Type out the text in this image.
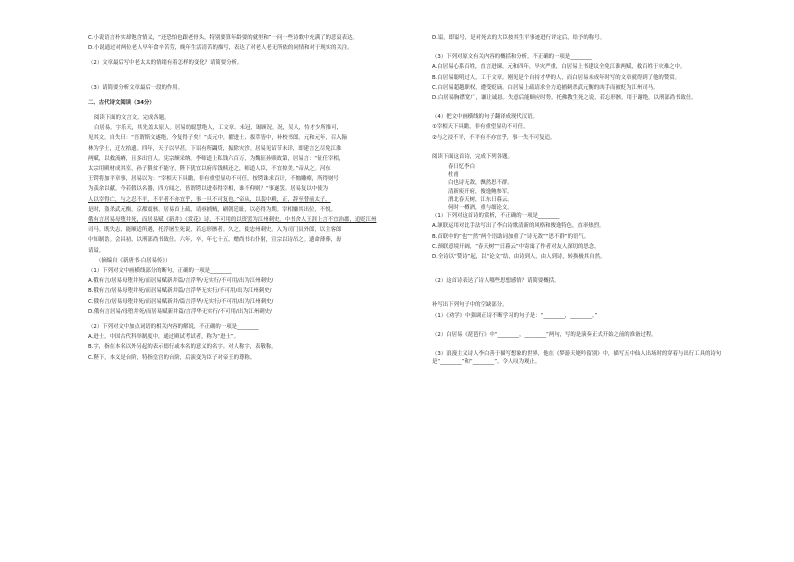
C.小说语言朴实却饱含情义，“还恐怕也跟老骨头，特别要算年龄要的就里和”一问一些诗歌中充满了的悲哀表达。
D.小说通过对两位老人早年食辛苦劳，晚年生活清苦的描写，表达了对老人老无所依的同情和对于现实的关注。
（2）文章最后写中老太太的情绪有着怎样的变化？请简要分析。
（3）请简要分析文章最后一段的作用。
二、古代诗文阅读（34分）
阅读下面的文言文，完成各题。
白居易，字乐天，其先盖太原人。居易幼聪慧绝人，工文章。未冠，谒顾况。况，吴人，恃才少所推可，
见其文，自失曰：“吾谓斯文遂绝，今复得子矣！”贞元中，擢进士、拔萃皆中，补校书郎。元和元年，召入翰
林为学士，迁左拾遗。四年，天子以旱甚，下诏有所蠲贷，振除灾沴。居易见诏节未详，即建言乞尽免江淮
两赋，以救流瘠，且多出宫人。宪宗颇采纳。李师道上私钱六百万，为魏征孙赎故第，居易言：“征任宰相，
太宗用殿材成其室，孙子猥贫不能守，陛下犹宜以府库钱赎还之，师道人臣，不宜掠美。”帝从之。河东
王锷将加平章事，居易以为：“宰相天下具瞻，非有重望显功不可任。按锷诛求百计，不恤雕瘵，所得财号
为羡余以献。今若假以名器，四方闻之，皆谓锷以进奉得宰相，谁不仰则？”事遂罢。居易复以中使为
人以宰得亡，与之忍不平，不平者不亦宜乎，事一旦不可复也。”帝从，以裴中殿，正，辞至替前太子。
是时，盗杀武元衡，京都震骇。居易首上疏，请亟捕贼，刷朝廷耻，以必得为期。宰相嫌其出位，不悦。
俄有言居易母堕井死，而居易赋《新井》《赏花》诗，不可用的以资罢为江州刺史。中书舍人王涯上言不宜治郡，追贬江州
司马。既失志，能顺适所遇，托浮屠生死说，若忘形骸者。久之，徙忠州刺史。入为司门员外郎，以主客郎
中知制诰。会昌初，以刑部尚书致仕。六年，卒，年七十五，赠尚书右仆射，宣宗以诗吊之。遗命薄葬，毋
请谥。
（摘编自《新唐书·白居易传》）
（1）下列对文中画横线部分的断句，正确的一项是________
A.俄有言/居易母堕井死/而居易赋新井篇/言浮华/无实行/不可用/出为江州刺史/
B.俄有言/居易母堕井死/而居易赋新井篇/言浮华无实行/不可用/出为江州刺史/
C.俄有言/居易母堕井死/而居易赋新井/篇言浮华/无实行/不可用/出为江州刺史/
D.俄有言居易/母堕井死/而居易赋新井篇/言浮华无实行/不可用/出为江州刺史/
（2）下列对文中加点词语的相关内容的解说，不正确的一项是________
A.进士，中国古代科举制度中，通过殿试考试者，称为“进士”。
B.字，指在本名以外另起的表示德行或本名的意义的名字。对人称字，表敬称。
C.陛下，本义是台阶，特指皇宫的台阶，后演变为臣子对帝王的尊称。
D.谥，即谥号，是对死去的大臣按其生平事迹进行评定后，给予的称号。
（3）下列对原文有关内容的概括和分析，不正确的一项是________
A.白居易心系百姓，直言进谏。元和四年，旱灾严重，白居易上书建议全免江淮两赋，救百姓于灾难之中。
B.白居易聪明过人，工于文章。刚见是个自持才华的人，而白居易未成年时写的文章就得到了他的赞赏。
C.白居易超越职权，遭受贬谪。白居易上疏请求全力追捕刺杀武元衡的凶手而被贬为江州司马。
D.白居易胸襟宽广，谦让诚恳。失意后能顺应时势，托佛教生死之说，若忘形骸，用于谢绝，以刑部尚书致仕。
（4）把文中画横线的句子翻译成现代汉语。
①宰相天下具瞻，非有重望显功不可任。
②与之浸不平，不平有不亦宜乎，事一失不可复追。
阅读下面这首诗，完成下列各题。
春日忆李白
杜甫
白也诗无敌，飘然思不群。
清新庾开府，俊逸鲍参军。
渭北春天树，江东日暮云。
何时一樽酒，重与细论文。
（1）下列对这首诗的赏析，不正确的一项是________
A.颔联运用对比手法写出了李白诗歌清新的风格和俊逸特色，直率热烈。
B.首联中的“也”“然”两个语助词加重了“诗无敌”“思不群”的语气。
C.颈联意境开阔，“春天树”“日暮云”中寄寓了作者对友人深切的思念。
D.全诗以“赞诗”起，以“论文”结，由诗到人，由人到诗，转换极其自然。
（2）这首诗表达了诗人哪些思想感情？请简要概括。
补写出下列句子中的空缺部分。
（1）《劝学》中强调正诗不断学习的句子是：“________，________。”
（2）白居易《琵琶行》中“________，________”两句，写的是演奏正式开始之前的准备过程。
（3）浪漫主义诗人李白善于描写想象的世界，他在《梦游天姥吟留别》中，描写五中仙人出场时的穿着与出行工具的诗句是“________”和“________”，令人叹为观止。
